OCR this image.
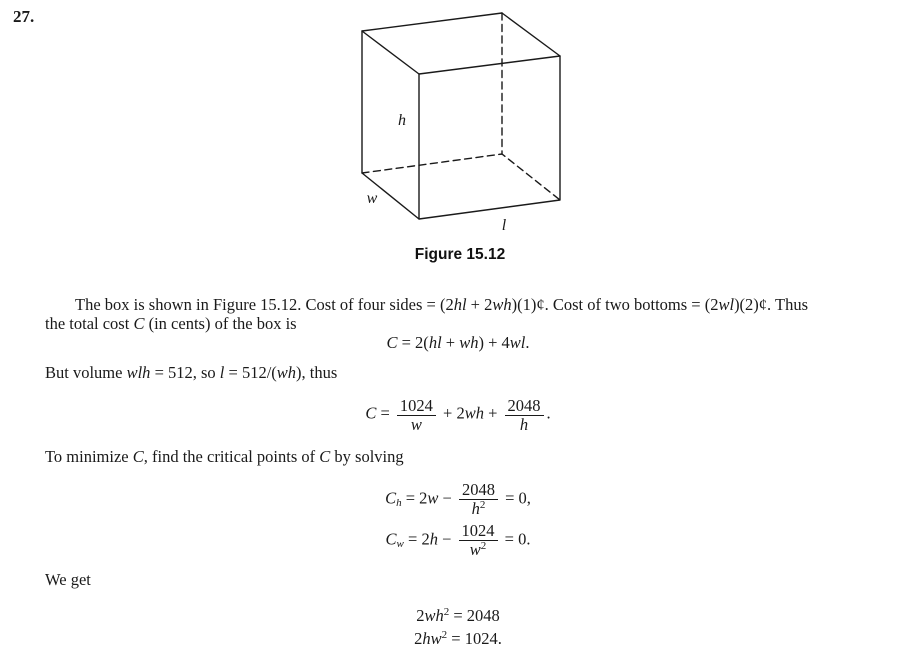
27.
h
w
l
Figure 15.12
The box is shown in Figure 15.12. Cost of four sides = (2hl + 2wh)(1)¢. Cost of two bottoms = (2wl)(2)¢. Thus
the total cost C (in cents) of the box is
C = 2(hl + wh) + 4wl.
But volume wlh = 512, so l = 512/(wh), thus
$C = \frac{1024}{w} + 2wh + \frac{2048}{h}$ .
To minimize C, find the critical points of C by solving
$Ch = 2w - \frac{2048}{h^2} = 0$,
$Cw = 2h - \frac{1024}{w^2} = 0$.
We get
$2wh^2 = 2048$
$2hw^2 = 1024$.
